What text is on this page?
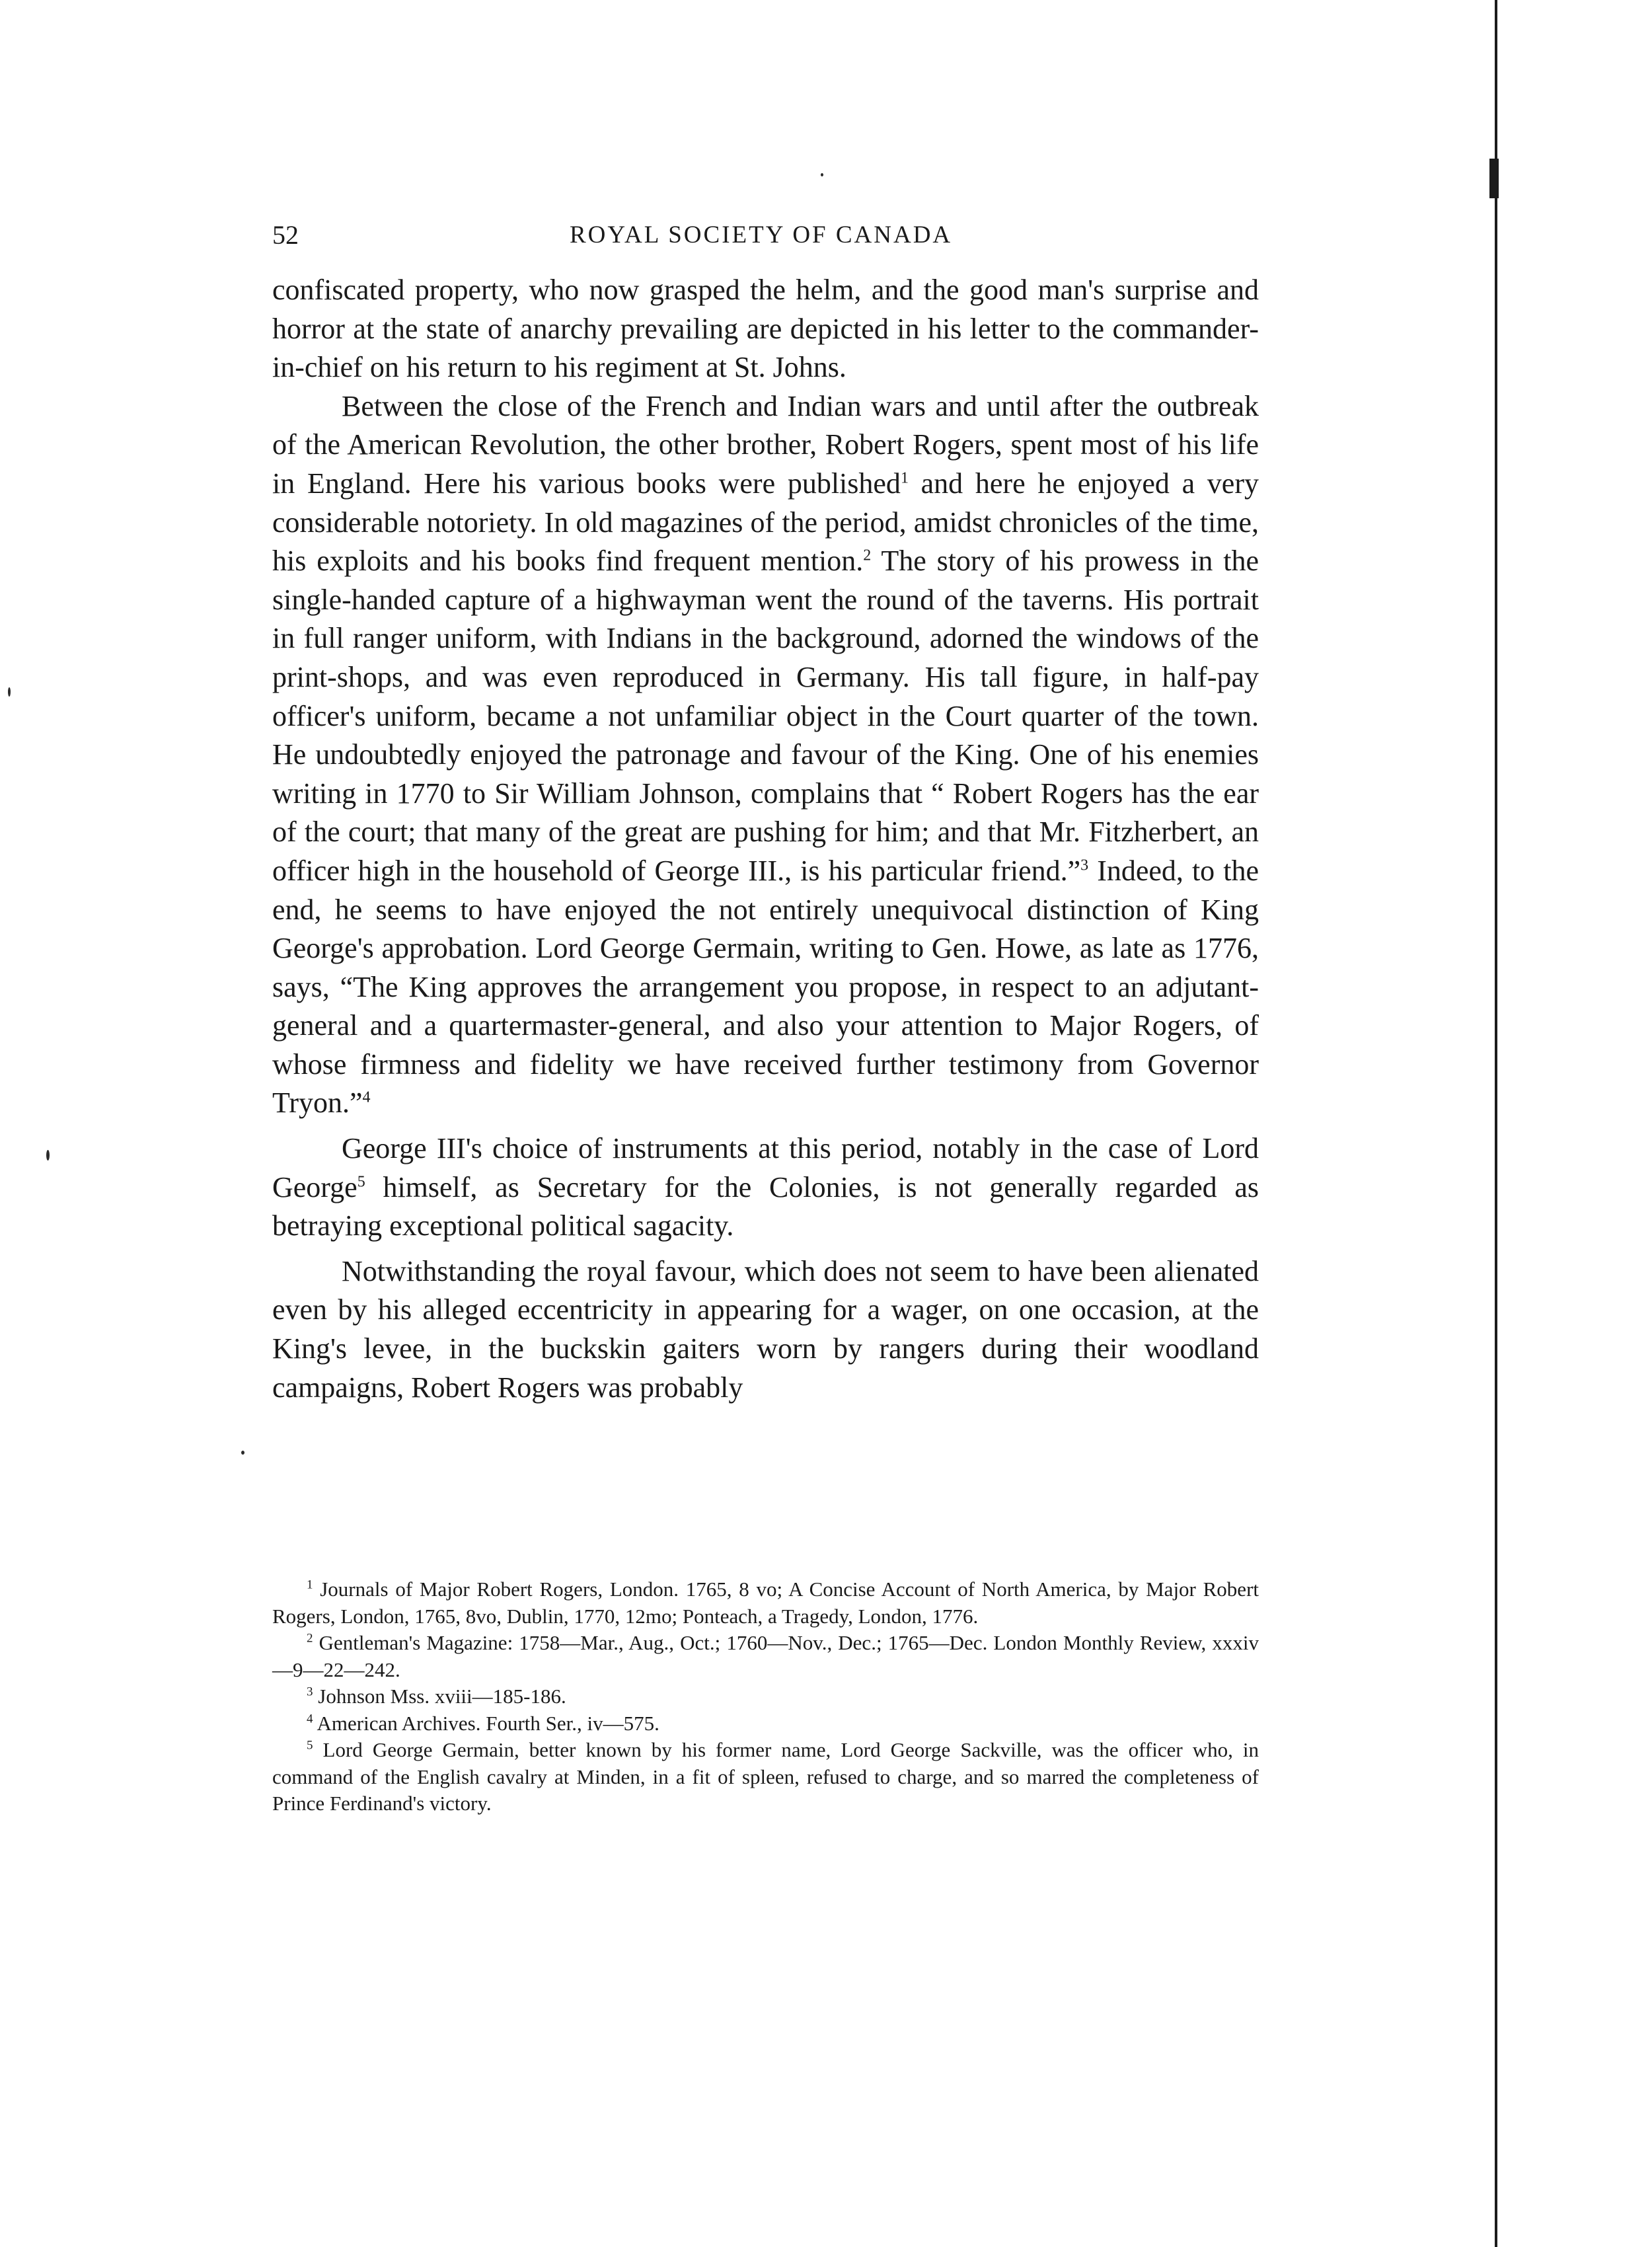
52	ROYAL SOCIETY OF CANADA

confiscated property, who now grasped the helm, and the good man's surprise and horror at the state of anarchy prevailing are depicted in his letter to the commander-in-chief on his return to his regiment at St. Johns.

Between the close of the French and Indian wars and until after the outbreak of the American Revolution, the other brother, Robert Rogers, spent most of his life in England. Here his various books were published$^1$ and here he enjoyed a very considerable notoriety. In old magazines of the period, amidst chronicles of the time, his exploits and his books find frequent mention.$^2$ The story of his prowess in the single-handed capture of a highwayman went the round of the taverns. His portrait in full ranger uniform, with Indians in the background, adorned the windows of the print-shops, and was even reproduced in Germany. His tall figure, in half-pay officer's uniform, became a not unfamiliar object in the Court quarter of the town. He undoubtedly enjoyed the patronage and favour of the King. One of his enemies writing in 1770 to Sir William Johnson, complains that “ Robert Rogers has the ear of the court; that many of the great are pushing for him; and that Mr. Fitzherbert, an officer high in the household of George III., is his particular friend.”$^3$ Indeed, to the end, he seems to have enjoyed the not entirely unequivocal distinction of King George's approbation. Lord George Germain, writing to Gen. Howe, as late as 1776, says, “The King approves the arrangement you propose, in respect to an adjutant-general and a quartermaster-general, and also your attention to Major Rogers, of whose firmness and fidelity we have received further testimony from Governor Tryon.”$^4$

George III's choice of instruments at this period, notably in the case of Lord George$^5$ himself, as Secretary for the Colonies, is not generally regarded as betraying exceptional political sagacity.

Notwithstanding the royal favour, which does not seem to have been alienated even by his alleged eccentricity in appearing for a wager, on one occasion, at the King's levee, in the buckskin gaiters worn by rangers during their woodland campaigns, Robert Rogers was probably

$^1$ Journals of Major Robert Rogers, London. 1765, 8 vo; A Concise Account of North America, by Major Robert Rogers, London, 1765, 8vo, Dublin, 1770, 12mo; Ponteach, a Tragedy, London, 1776.

$^2$ Gentleman's Magazine: 1758—Mar., Aug., Oct.; 1760—Nov., Dec.; 1765—Dec. London Monthly Review, xxxiv—9—22—242.

$^3$ Johnson Mss. xviii—185-186.

$^4$ American Archives. Fourth Ser., iv—575.

$^5$ Lord George Germain, better known by his former name, Lord George Sackville, was the officer who, in command of the English cavalry at Minden, in a fit of spleen, refused to charge, and so marred the completeness of Prince Ferdinand's victory.
